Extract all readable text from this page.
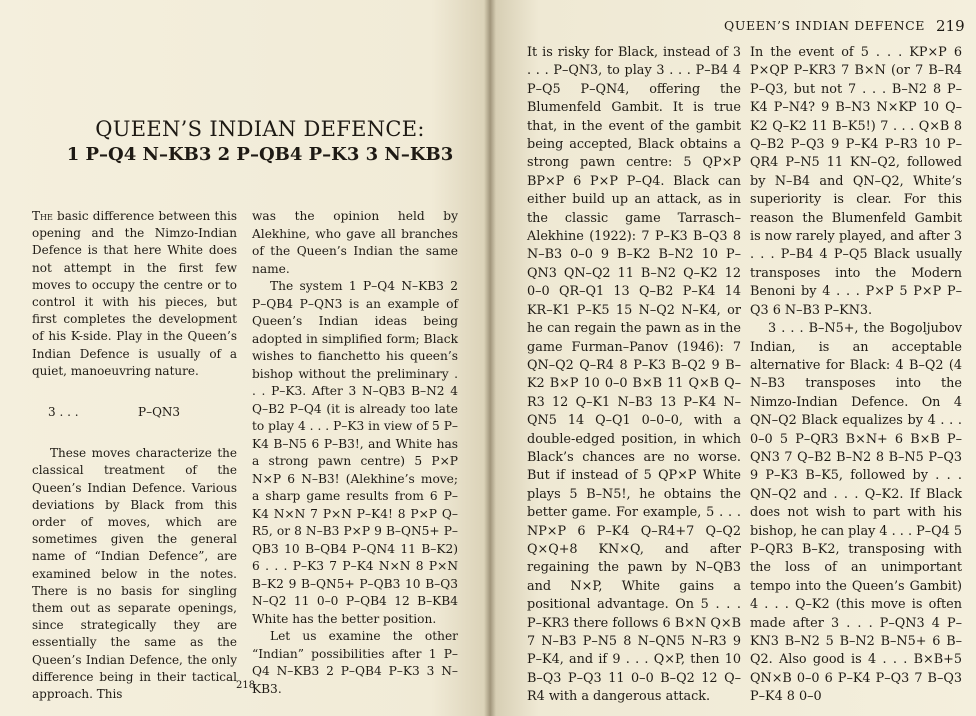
QUEEN’S INDIAN DEFENCE:
1 P–Q4 N–KB3 2 P–QB4 P–K3 3 N–KB3

The basic difference between this opening and the Nimzo-Indian Defence is that here White does not attempt in the first few moves to occupy the centre or to control it with his pieces, but first completes the development of his K-side. Play in the Queen’s Indian Defence is usually of a quiet, manoeuvring nature.

3 . . .	P–QN3

These moves characterize the classical treatment of the Queen’s Indian Defence. Various deviations by Black from this order of moves, which are sometimes given the general name of “Indian Defence”, are examined below in the notes. There is no basis for singling them out as separate openings, since strategically they are essentially the same as the Queen’s Indian Defence, the only difference being in their tactical approach. This

was the opinion held by Alekhine, who gave all branches of the Queen’s Indian the same name.

The system 1 P–Q4 N–KB3 2 P–QB4 P–QN3 is an example of Queen’s Indian ideas being adopted in simplified form; Black wishes to fianchetto his queen’s bishop without the preliminary . . . P–K3. After 3 N–QB3 B–N2 4 Q–B2 P–Q4 (it is already too late to play 4 . . . P–K3 in view of 5 P–K4 B–N5 6 P–B3!, and White has a strong pawn centre) 5 P×P N×P 6 N–B3! (Alekhine’s move; a sharp game results from 6 P–K4 N×N 7 P×N P–K4! 8 P×P Q–R5, or 8 N–B3 P×P 9 B–QN5+ P–QB3 10 B–QB4 P–QN4 11 B–K2) 6 . . . P–K3 7 P–K4 N×N 8 P×N B–K2 9 B–QN5+ P–QB3 10 B–Q3 N–Q2 11 0–0 P–QB4 12 B–KB4 White has the better position.

Let us examine the other “Indian” possibilities after 1 P–Q4 N–KB3 2 P–QB4 P–K3 3 N–KB3.

218
QUEEN’S INDIAN DEFENCE 219

It is risky for Black, instead of 3 . . . P–QN3, to play 3 . . . P–B4 4 P–Q5 P–QN4, offering the Blumenfeld Gambit. It is true that, in the event of the gambit being accepted, Black obtains a strong pawn centre: 5 QP×P BP×P 6 P×P P–Q4. Black can either build up an attack, as in the classic game Tarrasch–Alekhine (1922): 7 P–K3 B–Q3 8 N–B3 0–0 9 B–K2 B–N2 10 P–QN3 QN–Q2 11 B–N2 Q–K2 12 0–0 QR–Q1 13 Q–B2 P–K4 14 KR–K1 P–K5 15 N–Q2 N–K4, or he can regain the pawn as in the game Furman–Panov (1946): 7 QN–Q2 Q–R4 8 P–K3 B–Q2 9 B–K2 B×P 10 0–0 B×B 11 Q×B Q–R3 12 Q–K1 N–B3 13 P–K4 N–QN5 14 Q–Q1 0–0–0, with a double-edged position, in which Black’s chances are no worse. But if instead of 5 QP×P White plays 5 B–N5!, he obtains the better game. For example, 5 . . . NP×P 6 P–K4 Q–R4+7 Q–Q2 Q×Q+8 KN×Q, and after regaining the pawn by N–QB3 and N×P, White gains a positional advantage. On 5 . . . P–KR3 there follows 6 B×N Q×B 7 N–B3 P–N5 8 N–QN5 N–R3 9 P–K4, and if 9 . . . Q×P, then 10 B–Q3 P–Q3 11 0–0 B–Q2 12 Q–R4 with a dangerous attack.

In the event of 5 . . . KP×P 6 P×QP P–KR3 7 B×N (or 7 B–R4 P–Q3, but not 7 . . . B–N2 8 P–K4 P–N4? 9 B–N3 N×KP 10 Q–K2 Q–K2 11 B–K5!) 7 . . . Q×B 8 Q–B2 P–Q3 9 P–K4 P–R3 10 P–QR4 P–N5 11 KN–Q2, followed by N–B4 and QN–Q2, White’s superiority is clear. For this reason the Blumenfeld Gambit is now rarely played, and after 3 . . . P–B4 4 P–Q5 Black usually transposes into the Modern Benoni by 4 . . . P×P 5 P×P P–Q3 6 N–B3 P–KN3.

3 . . . B–N5+, the Bogoljubov Indian, is an acceptable alternative for Black: 4 B–Q2 (4 N–B3 transposes into the Nimzo-Indian Defence. On 4 QN–Q2 Black equalizes by 4 . . . 0–0 5 P–QR3 B×N+ 6 B×B P–QN3 7 Q–B2 B–N2 8 B–N5 P–Q3 9 P–K3 B–K5, followed by . . . QN–Q2 and . . . Q–K2. If Black does not wish to part with his bishop, he can play 4 . . . P–Q4 5 P–QR3 B–K2, transposing with the loss of an unimportant tempo into the Queen’s Gambit) 4 . . . Q–K2 (this move is often made after 3 . . . P–QN3 4 P–KN3 B–N2 5 B–N2 B–N5+ 6 B–Q2. Also good is 4 . . . B×B+5 QN×B 0–0 6 P–K4 P–Q3 7 B–Q3 P–K4 8 0–0
